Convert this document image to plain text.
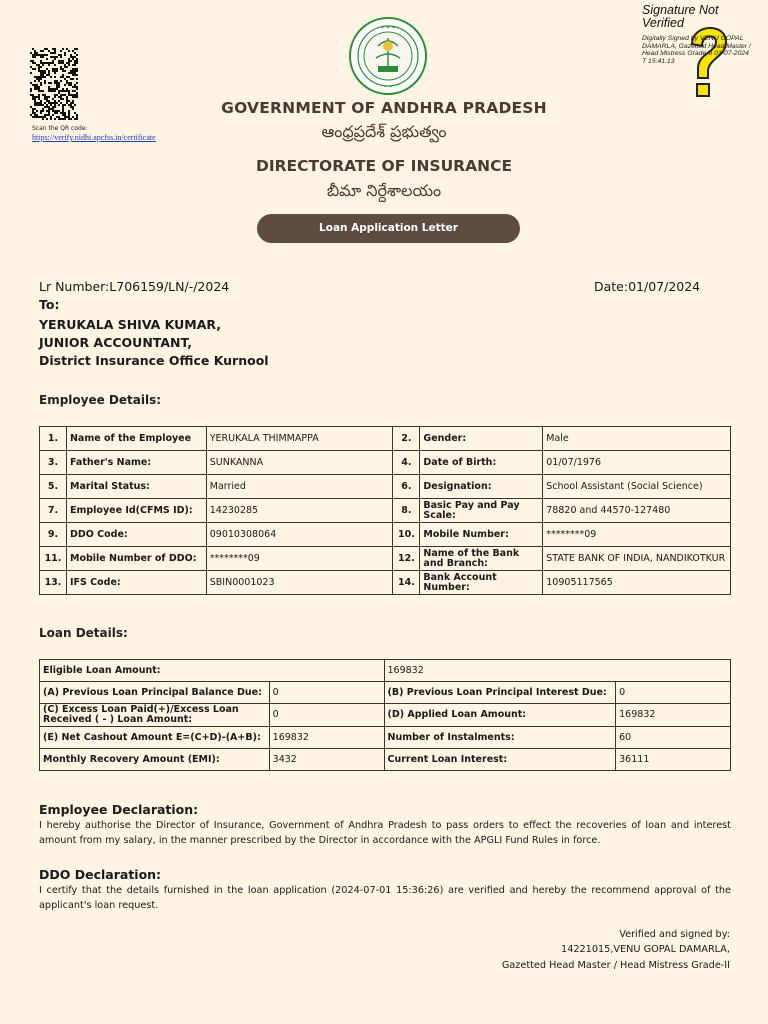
Scan the QR code:
https://verify.nidhi.apcfss.in/certificate
✦ ✦ ✦
✦ ✦
Signature Not Verified
Digitally Signed by VENU GOPAL DAMARLA, Gazetted Head Master / Head Mistress Grade-II 01-07-2024 T 15:41:13
GOVERNMENT OF ANDHRA PRADESH
ఆంధ్రప్రదేశ్ ప్రభుత్వం
DIRECTORATE OF INSURANCE
బీమా నిర్దేశాలయం
Loan Application Letter
Lr Number:L706159/LN/-/2024	Date:01/07/2024
To:
YERUKALA SHIVA KUMAR,
JUNIOR ACCOUNTANT,
District Insurance Office Kurnool
Employee Details:
1.	Name of the Employee	YERUKALA THIMMAPPA	2.	Gender:	Male
3.	Father's Name:	SUNKANNA	4.	Date of Birth:	01/07/1976
5.	Marital Status:	Married	6.	Designation:	School Assistant (Social Science)
7.	Employee Id(CFMS ID):	14230285	8.	Basic Pay and Pay Scale:	78820 and 44570-127480
9.	DDO Code:	09010308064	10.	Mobile Number:	********09
11.	Mobile Number of DDO:	********09	12.	Name of the Bank and Branch:	STATE BANK OF INDIA, NANDIKOTKUR
13.	IFS Code:	SBIN0001023	14.	Bank Account Number:	10905117565
Loan Details:
Eligible Loan Amount:		169832	
(A) Previous Loan Principal Balance Due:	0	(B) Previous Loan Principal Interest Due:	0
(C) Excess Loan Paid(+)/Excess Loan Received ( - ) Loan Amount:	0	(D) Applied Loan Amount:	169832
(E) Net Cashout Amount E=(C+D)-(A+B):	169832	Number of Instalments:	60
Monthly Recovery Amount (EMI):	3432	Current Loan Interest:	36111
Employee Declaration:
I hereby authorise the Director of Insurance, Government of Andhra Pradesh to pass orders to effect the recoveries of loan and interest amount from my salary, in the manner prescribed by the Director in accordance with the APGLI Fund Rules in force.
DDO Declaration:
I certify that the details furnished in the loan application (2024-07-01 15:36:26) are verified and hereby the recommend approval of the applicant's loan request.
Verified and signed by:
14221015,VENU GOPAL DAMARLA,
Gazetted Head Master / Head Mistress Grade-II
